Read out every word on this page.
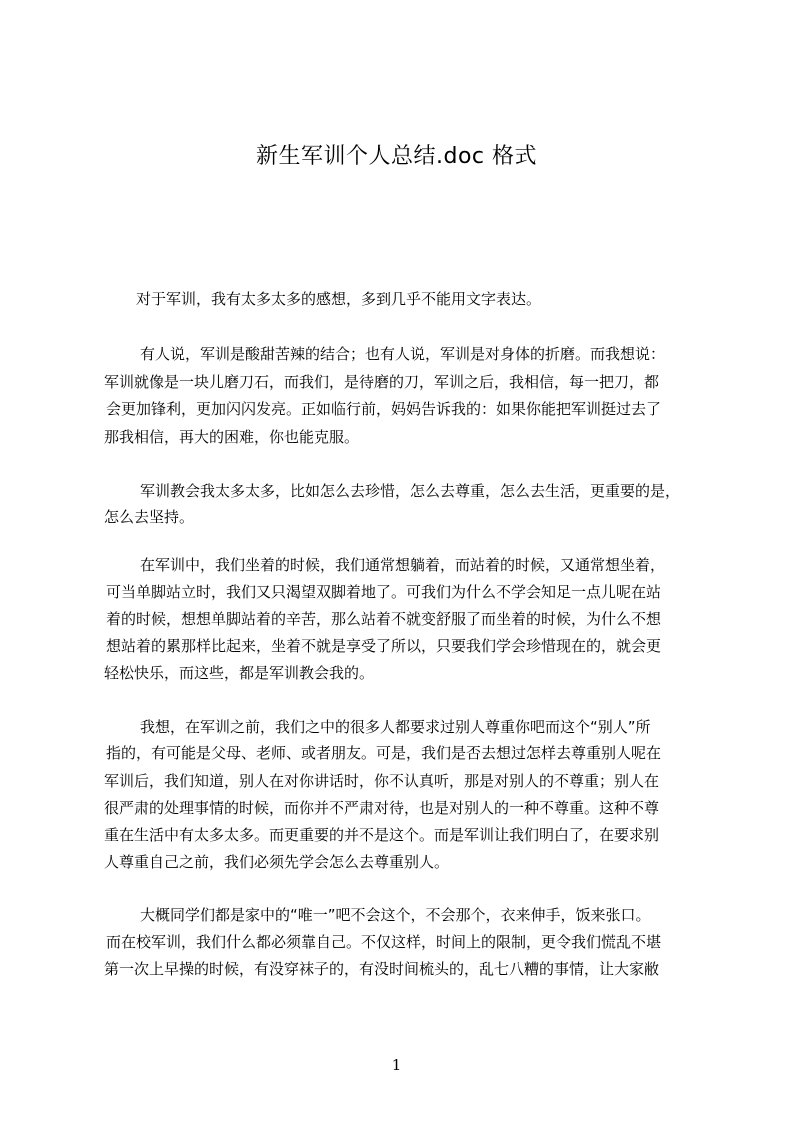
新生军训个人总结.doc 格式
对于军训，我有太多太多的感想，多到几乎不能用文字表达。
有人说，军训是酸甜苦辣的结合；也有人说，军训是对身体的折磨。而我想说：
军训就像是一块儿磨刀石，而我们，是待磨的刀，军训之后，我相信，每一把刀，都
会更加锋利，更加闪闪发亮。正如临行前，妈妈告诉我的：如果你能把军训挺过去了
那我相信，再大的困难，你也能克服。
军训教会我太多太多，比如怎么去珍惜，怎么去尊重，怎么去生活，更重要的是，
怎么去坚持。
在军训中，我们坐着的时候，我们通常想躺着，而站着的时候，又通常想坐着，
可当单脚站立时，我们又只渴望双脚着地了。可我们为什么不学会知足一点儿呢在站
着的时候，想想单脚站着的辛苦，那么站着不就变舒服了而坐着的时候，为什么不想
想站着的累那样比起来，坐着不就是享受了所以，只要我们学会珍惜现在的，就会更
轻松快乐，而这些，都是军训教会我的。
我想，在军训之前，我们之中的很多人都要求过别人尊重你吧而这个“别人”所
指的，有可能是父母、老师、或者朋友。可是，我们是否去想过怎样去尊重别人呢在
军训后，我们知道，别人在对你讲话时，你不认真听，那是对别人的不尊重；别人在
很严肃的处理事情的时候，而你并不严肃对待，也是对别人的一种不尊重。这种不尊
重在生活中有太多太多。而更重要的并不是这个。而是军训让我们明白了，在要求别
人尊重自己之前，我们必须先学会怎么去尊重别人。
大概同学们都是家中的“唯一”吧不会这个，不会那个，衣来伸手，饭来张口。
而在校军训，我们什么都必须靠自己。不仅这样，时间上的限制，更令我们慌乱不堪
第一次上早操的时候，有没穿袜子的，有没时间梳头的，乱七八糟的事情，让大家敝
1
